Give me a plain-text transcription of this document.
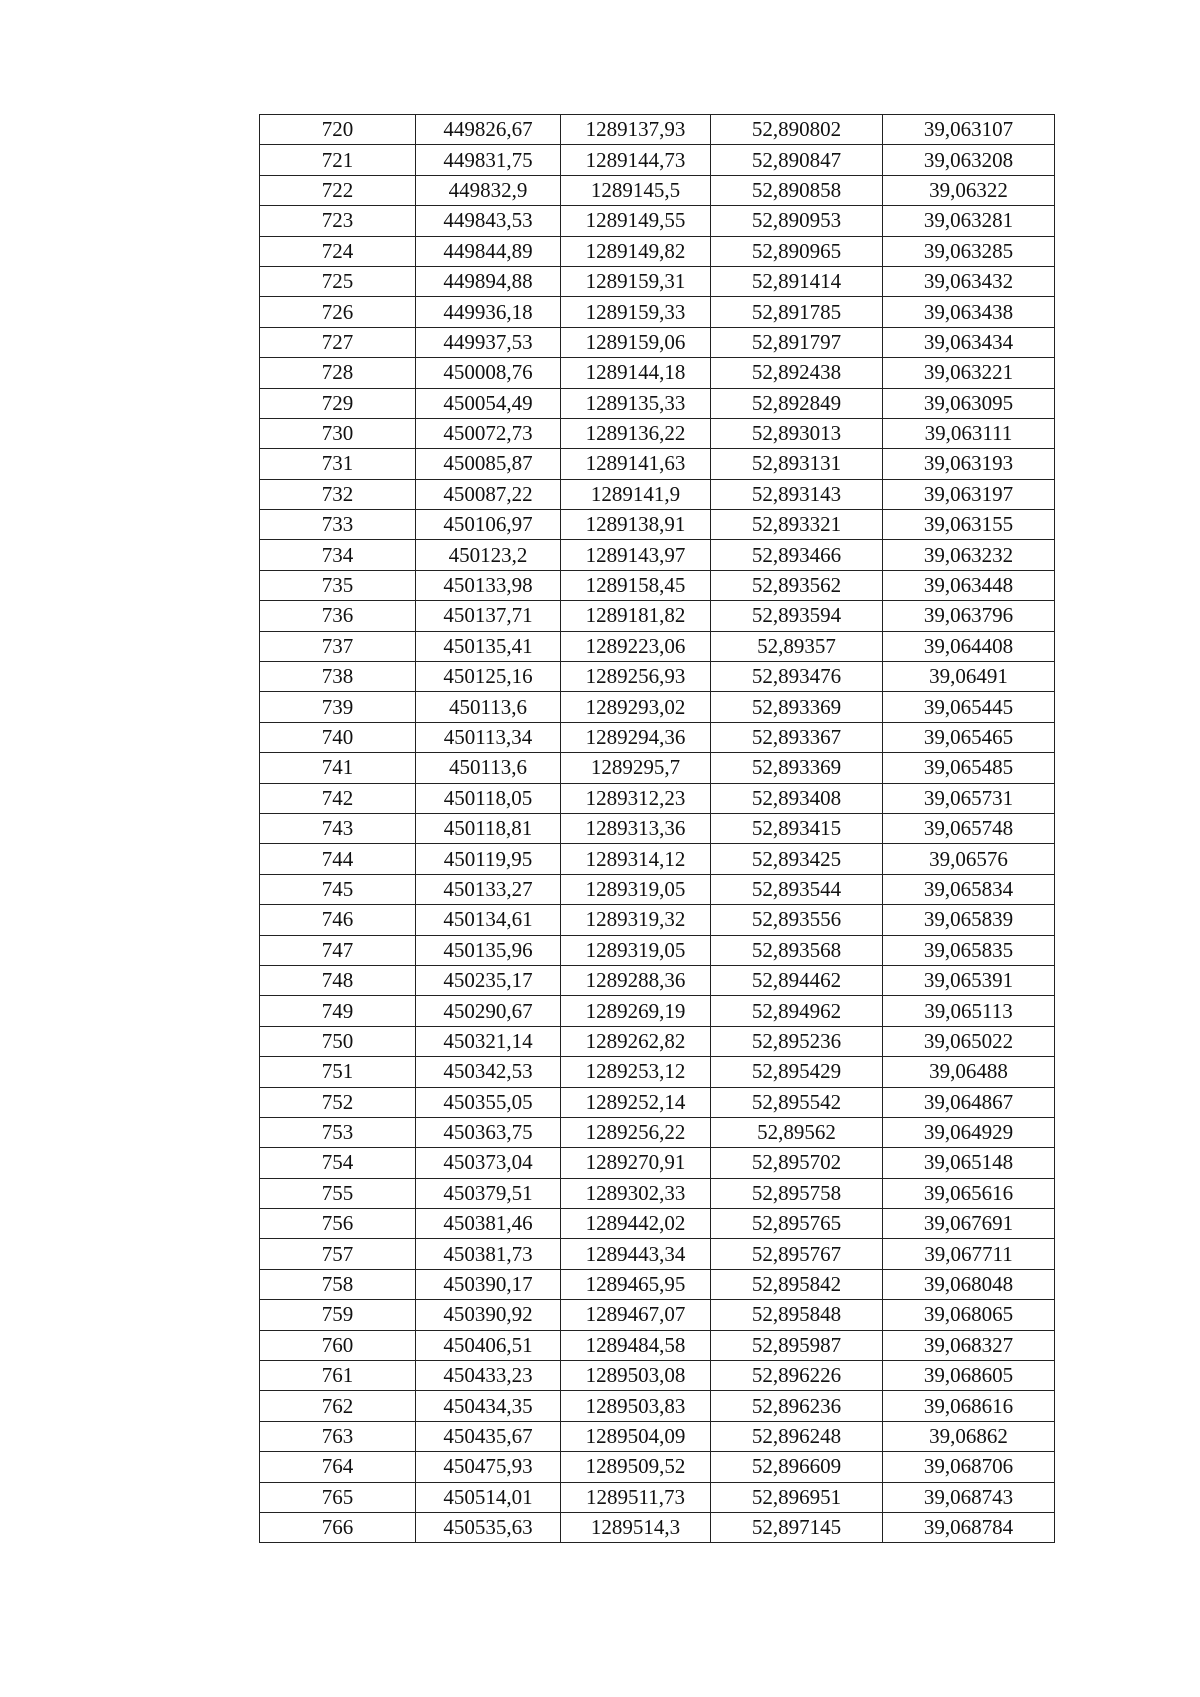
720	449826,67	1289137,93	52,890802	39,063107
721	449831,75	1289144,73	52,890847	39,063208
722	449832,9	1289145,5	52,890858	39,06322
723	449843,53	1289149,55	52,890953	39,063281
724	449844,89	1289149,82	52,890965	39,063285
725	449894,88	1289159,31	52,891414	39,063432
726	449936,18	1289159,33	52,891785	39,063438
727	449937,53	1289159,06	52,891797	39,063434
728	450008,76	1289144,18	52,892438	39,063221
729	450054,49	1289135,33	52,892849	39,063095
730	450072,73	1289136,22	52,893013	39,063111
731	450085,87	1289141,63	52,893131	39,063193
732	450087,22	1289141,9	52,893143	39,063197
733	450106,97	1289138,91	52,893321	39,063155
734	450123,2	1289143,97	52,893466	39,063232
735	450133,98	1289158,45	52,893562	39,063448
736	450137,71	1289181,82	52,893594	39,063796
737	450135,41	1289223,06	52,89357	39,064408
738	450125,16	1289256,93	52,893476	39,06491
739	450113,6	1289293,02	52,893369	39,065445
740	450113,34	1289294,36	52,893367	39,065465
741	450113,6	1289295,7	52,893369	39,065485
742	450118,05	1289312,23	52,893408	39,065731
743	450118,81	1289313,36	52,893415	39,065748
744	450119,95	1289314,12	52,893425	39,06576
745	450133,27	1289319,05	52,893544	39,065834
746	450134,61	1289319,32	52,893556	39,065839
747	450135,96	1289319,05	52,893568	39,065835
748	450235,17	1289288,36	52,894462	39,065391
749	450290,67	1289269,19	52,894962	39,065113
750	450321,14	1289262,82	52,895236	39,065022
751	450342,53	1289253,12	52,895429	39,06488
752	450355,05	1289252,14	52,895542	39,064867
753	450363,75	1289256,22	52,89562	39,064929
754	450373,04	1289270,91	52,895702	39,065148
755	450379,51	1289302,33	52,895758	39,065616
756	450381,46	1289442,02	52,895765	39,067691
757	450381,73	1289443,34	52,895767	39,067711
758	450390,17	1289465,95	52,895842	39,068048
759	450390,92	1289467,07	52,895848	39,068065
760	450406,51	1289484,58	52,895987	39,068327
761	450433,23	1289503,08	52,896226	39,068605
762	450434,35	1289503,83	52,896236	39,068616
763	450435,67	1289504,09	52,896248	39,06862
764	450475,93	1289509,52	52,896609	39,068706
765	450514,01	1289511,73	52,896951	39,068743
766	450535,63	1289514,3	52,897145	39,068784
